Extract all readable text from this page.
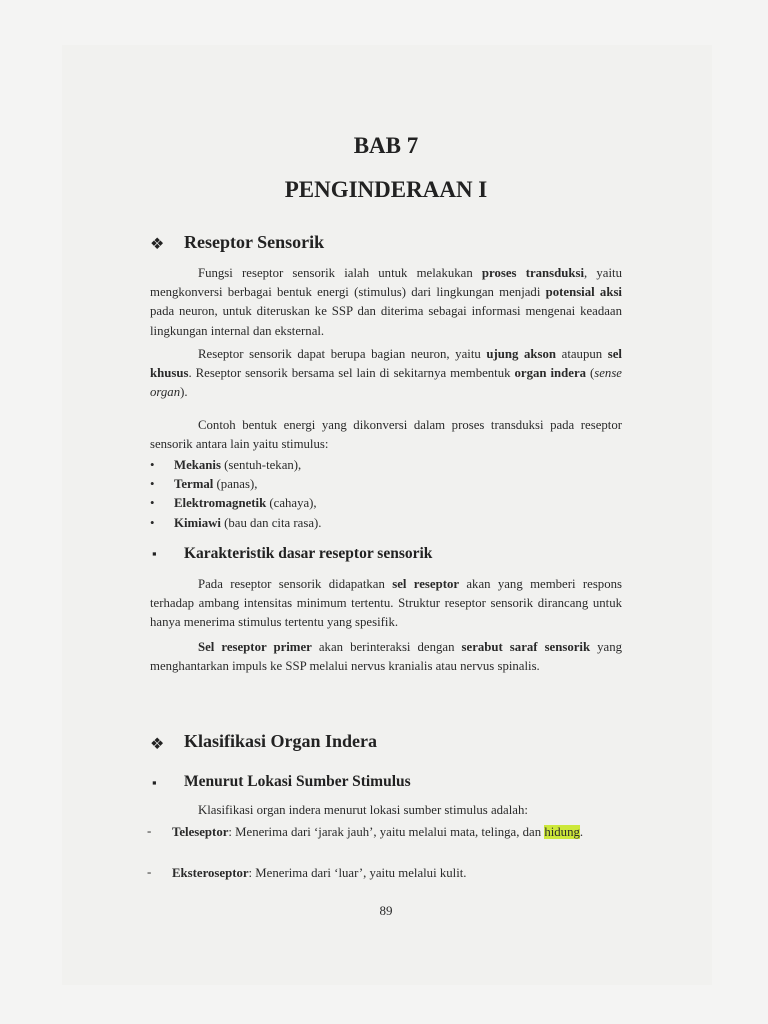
BAB 7
PENGINDERAAN I
❖ Reseptor Sensorik

Fungsi reseptor sensorik ialah untuk melakukan proses transduksi, yaitu mengkonversi berbagai bentuk energi (stimulus) dari lingkungan menjadi potensial aksi pada neuron, untuk diteruskan ke SSP dan diterima sebagai informasi mengenai keadaan lingkungan internal dan eksternal.

Reseptor sensorik dapat berupa bagian neuron, yaitu ujung akson ataupun sel khusus. Reseptor sensorik bersama sel lain di sekitarnya membentuk organ indera (sense organ).

Contoh bentuk energi yang dikonversi dalam proses transduksi pada reseptor sensorik antara lain yaitu stimulus:

• Mekanis (sentuh-tekan),
• Termal (panas),
• Elektromagnetik (cahaya),
• Kimiawi (bau dan cita rasa).
▪ Karakteristik dasar reseptor sensorik

Pada reseptor sensorik didapatkan sel reseptor akan yang memberi respons terhadap ambang intensitas minimum tertentu. Struktur reseptor sensorik dirancang untuk hanya menerima stimulus tertentu yang spesifik.

Sel reseptor primer akan berinteraksi dengan serabut saraf sensorik yang menghantarkan impuls ke SSP melalui nervus kranialis atau nervus spinalis.

❖ Klasifikasi Organ Indera
▪ Menurut Lokasi Sumber Stimulus

Klasifikasi organ indera menurut lokasi sumber stimulus adalah:

-	Teleseptor: Menerima dari ‘jarak jauh’, yaitu melalui mata, telinga, dan hidung.

-	Eksteroseptor: Menerima dari ‘luar’, yaitu melalui kulit.

89
